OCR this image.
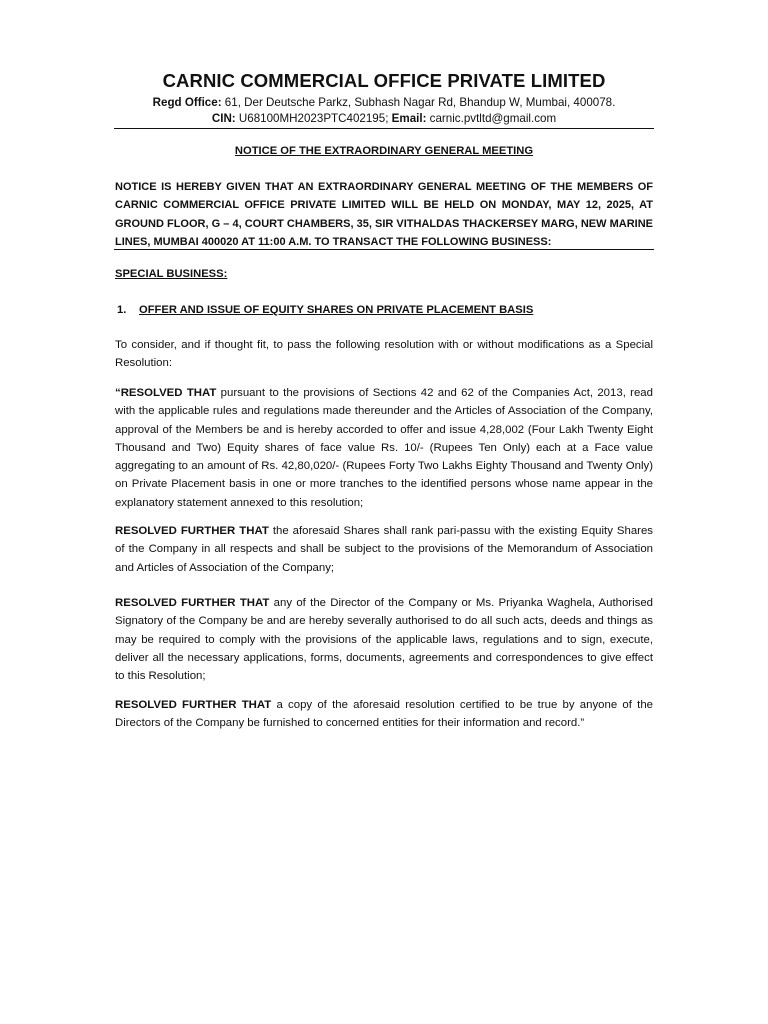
CARNIC COMMERCIAL OFFICE PRIVATE LIMITED
Regd Office: 61, Der Deutsche Parkz, Subhash Nagar Rd, Bhandup W, Mumbai, 400078.
CIN: U68100MH2023PTC402195; Email: carnic.pvtltd@gmail.com
NOTICE OF THE EXTRAORDINARY GENERAL MEETING
NOTICE IS HEREBY GIVEN THAT AN EXTRAORDINARY GENERAL MEETING OF THE MEMBERS OF CARNIC COMMERCIAL OFFICE PRIVATE LIMITED WILL BE HELD ON MONDAY, MAY 12, 2025, AT GROUND FLOOR, G – 4, COURT CHAMBERS, 35, SIR VITHALDAS THACKERSEY MARG, NEW MARINE LINES, MUMBAI 400020 AT 11:00 A.M. TO TRANSACT THE FOLLOWING BUSINESS:
SPECIAL BUSINESS:
1. OFFER AND ISSUE OF EQUITY SHARES ON PRIVATE PLACEMENT BASIS
To consider, and if thought fit, to pass the following resolution with or without modifications as a Special Resolution:
“RESOLVED THAT pursuant to the provisions of Sections 42 and 62 of the Companies Act, 2013, read with the applicable rules and regulations made thereunder and the Articles of Association of the Company, approval of the Members be and is hereby accorded to offer and issue 4,28,002 (Four Lakh Twenty Eight Thousand and Two) Equity shares of face value Rs. 10/- (Rupees Ten Only) each at a Face value aggregating to an amount of Rs. 42,80,020/- (Rupees Forty Two Lakhs Eighty Thousand and Twenty Only) on Private Placement basis in one or more tranches to the identified persons whose name appear in the explanatory statement annexed to this resolution;
RESOLVED FURTHER THAT the aforesaid Shares shall rank pari-passu with the existing Equity Shares of the Company in all respects and shall be subject to the provisions of the Memorandum of Association and Articles of Association of the Company;
RESOLVED FURTHER THAT any of the Director of the Company or Ms. Priyanka Waghela, Authorised Signatory of the Company be and are hereby severally authorised to do all such acts, deeds and things as may be required to comply with the provisions of the applicable laws, regulations and to sign, execute, deliver all the necessary applications, forms, documents, agreements and correspondences to give effect to this Resolution;
RESOLVED FURTHER THAT a copy of the aforesaid resolution certified to be true by anyone of the Directors of the Company be furnished to concerned entities for their information and record.”
